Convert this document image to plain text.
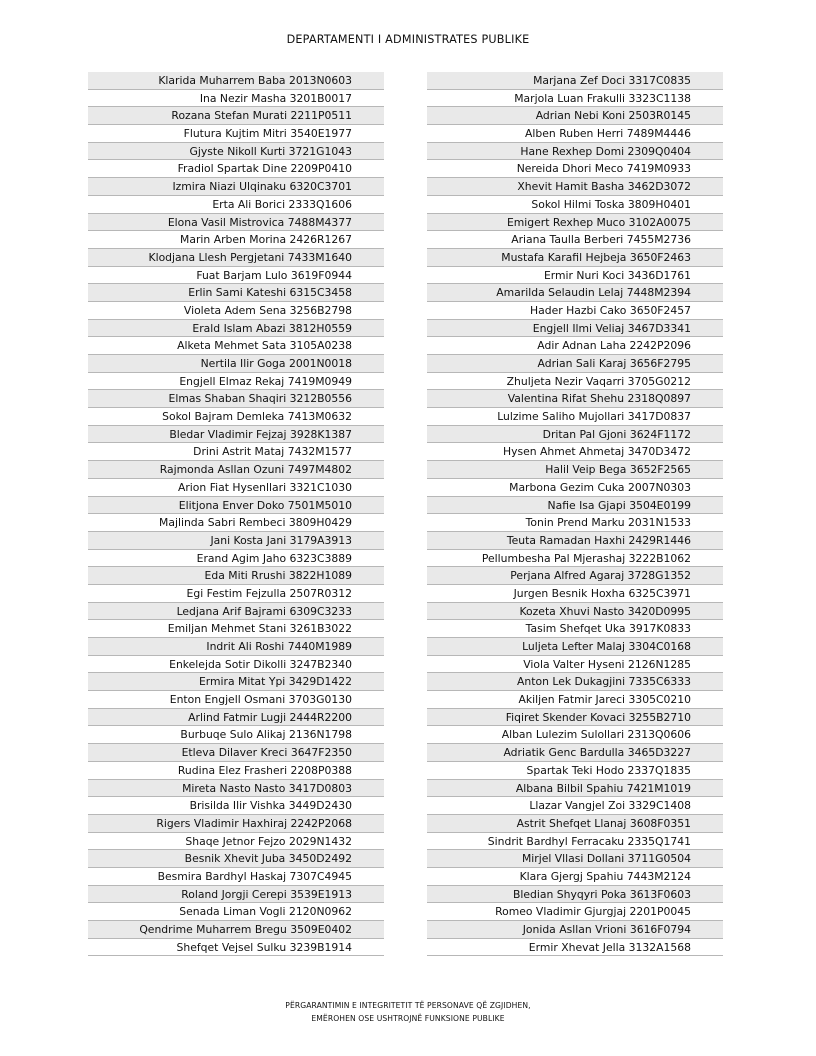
DEPARTAMENTI I ADMINISTRATES PUBLIKE
Klarida Muharrem Baba 2013N0603
Ina Nezir Masha 3201B0017
Rozana Stefan Murati 2211P0511
Flutura Kujtim Mitri 3540E1977
Gjyste Nikoll Kurti 3721G1043
Fradiol Spartak Dine 2209P0410
Izmira Niazi Ulqinaku 6320C3701
Erta Ali Borici 2333Q1606
Elona Vasil Mistrovica 7488M4377
Marin Arben Morina 2426R1267
Klodjana Llesh Pergjetani 7433M1640
Fuat Barjam Lulo 3619F0944
Erlin Sami Kateshi 6315C3458
Violeta Adem Sena 3256B2798
Erald Islam Abazi 3812H0559
Alketa Mehmet Sata 3105A0238
Nertila Ilir Goga 2001N0018
Engjell Elmaz Rekaj 7419M0949
Elmas Shaban Shaqiri 3212B0556
Sokol Bajram Demleka 7413M0632
Bledar Vladimir Fejzaj 3928K1387
Drini Astrit Mataj 7432M1577
Rajmonda Asllan Ozuni 7497M4802
Arion Fiat Hysenllari 3321C1030
Elitjona Enver Doko 7501M5010
Majlinda Sabri Rembeci 3809H0429
Jani Kosta Jani 3179A3913
Erand Agim Jaho 6323C3889
Eda Miti Rrushi 3822H1089
Egi Festim Fejzulla 2507R0312
Ledjana Arif Bajrami 6309C3233
Emiljan Mehmet Stani 3261B3022
Indrit Ali Roshi 7440M1989
Enkelejda Sotir Dikolli 3247B2340
Ermira Mitat Ypi 3429D1422
Enton Engjell Osmani 3703G0130
Arlind Fatmir Lugji 2444R2200
Burbuqe Sulo Alikaj 2136N1798
Etleva Dilaver Kreci 3647F2350
Rudina Elez Frasheri 2208P0388
Mireta Nasto Nasto 3417D0803
Brisilda Ilir Vishka 3449D2430
Rigers Vladimir Haxhiraj 2242P2068
Shaqe Jetnor Fejzo 2029N1432
Besnik Xhevit Juba 3450D2492
Besmira Bardhyl Haskaj 7307C4945
Roland Jorgji Cerepi 3539E1913
Senada Liman Vogli 2120N0962
Qendrime Muharrem Bregu 3509E0402
Shefqet Vejsel Sulku 3239B1914
Marjana Zef Doci 3317C0835
Marjola Luan Frakulli 3323C1138
Adrian Nebi Koni 2503R0145
Alben Ruben Herri 7489M4446
Hane Rexhep Domi 2309Q0404
Nereida Dhori Meco 7419M0933
Xhevit Hamit Basha 3462D3072
Sokol Hilmi Toska 3809H0401
Emigert Rexhep Muco 3102A0075
Ariana Taulla Berberi 7455M2736
Mustafa Karafil Hejbeja 3650F2463
Ermir Nuri Koci 3436D1761
Amarilda Selaudin Lelaj 7448M2394
Hader Hazbi Cako 3650F2457
Engjell Ilmi Veliaj 3467D3341
Adir Adnan Laha 2242P2096
Adrian Sali Karaj 3656F2795
Zhuljeta Nezir Vaqarri 3705G0212
Valentina Rifat Shehu 2318Q0897
Lulzime Saliho Mujollari 3417D0837
Dritan Pal Gjoni 3624F1172
Hysen Ahmet Ahmetaj 3470D3472
Halil Veip Bega 3652F2565
Marbona Gezim Cuka 2007N0303
Nafie Isa Gjapi 3504E0199
Tonin Prend Marku 2031N1533
Teuta Ramadan Haxhi 2429R1446
Pellumbesha Pal Mjerashaj 3222B1062
Perjana Alfred Agaraj 3728G1352
Jurgen Besnik Hoxha 6325C3971
Kozeta Xhuvi Nasto 3420D0995
Tasim Shefqet Uka 3917K0833
Luljeta Lefter Malaj 3304C0168
Viola Valter Hyseni 2126N1285
Anton Lek Dukagjini 7335C6333
Akiljen Fatmir Jareci 3305C0210
Fiqiret Skender Kovaci 3255B2710
Alban Lulezim Sulollari 2313Q0606
Adriatik Genc Bardulla 3465D3227
Spartak Teki Hodo 2337Q1835
Albana Bilbil Spahiu 7421M1019
Llazar Vangjel Zoi 3329C1408
Astrit Shefqet Llanaj 3608F0351
Sindrit Bardhyl Ferracaku 2335Q1741
Mirjel Vllasi Dollani 3711G0504
Klara Gjergj Spahiu 7443M2124
Bledian Shyqyri Poka 3613F0603
Romeo Vladimir Gjurgjaj 2201P0045
Jonida Asllan Vrioni 3616F0794
Ermir Xhevat Jella 3132A1568
PËRGARANTIMIN E INTEGRITETIT TË PERSONAVE QË ZGJIDHEN,
EMËROHEN OSE USHTROJNË FUNKSIONE PUBLIKE
